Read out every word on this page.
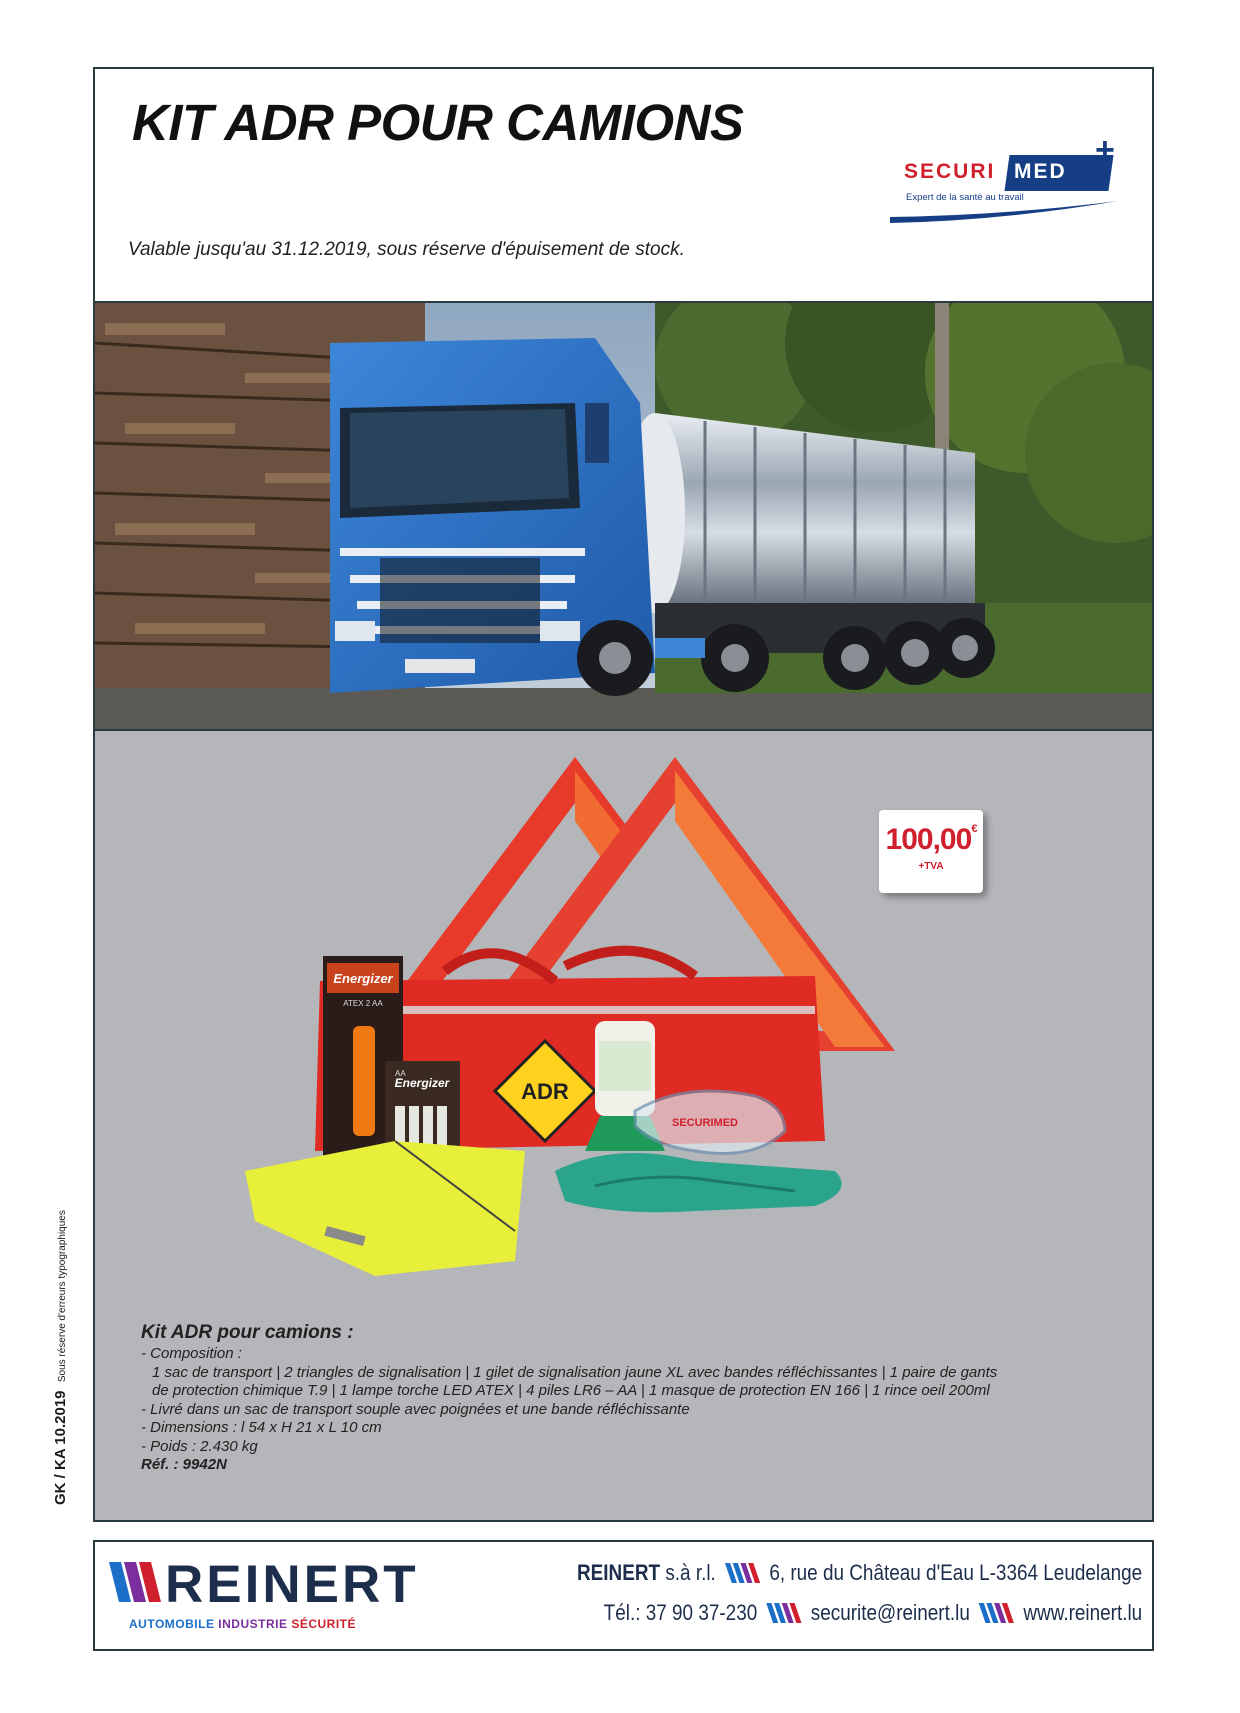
KIT ADR POUR CAMIONS
SECURI MED
+
Expert de la santé au travail
Valable jusqu'au 31.12.2019, sous réserve d'épuisement de stock.
ADR
Energizer
ATEX 2 AA
Energizer
AA
SECURIMED
100,00€
+TVA
Kit ADR pour camions :
- Composition :
1 sac de transport | 2 triangles de signalisation | 1 gilet de signalisation jaune XL avec bandes réfléchissantes | 1 paire de gants
de protection chimique T.9 | 1 lampe torche LED ATEX | 4 piles LR6 – AA | 1 masque de protection EN 166 | 1 rince oeil 200ml
- Livré dans un sac de transport souple avec poignées et une bande réfléchissante
- Dimensions : l 54 x H 21 x L 10 cm
- Poids : 2.430 kg
Réf. : 9942N
GK / KA 10.2019   Sous réserve d'erreurs typographiques
REINERT
AUTOMOBILE INDUSTRIE SÉCURITÉ
REINERT s.à r.l. 6, rue du Château d'Eau L-3364 Leudelange
Tél.: 37 90 37-230 securite@reinert.lu www.reinert.lu
